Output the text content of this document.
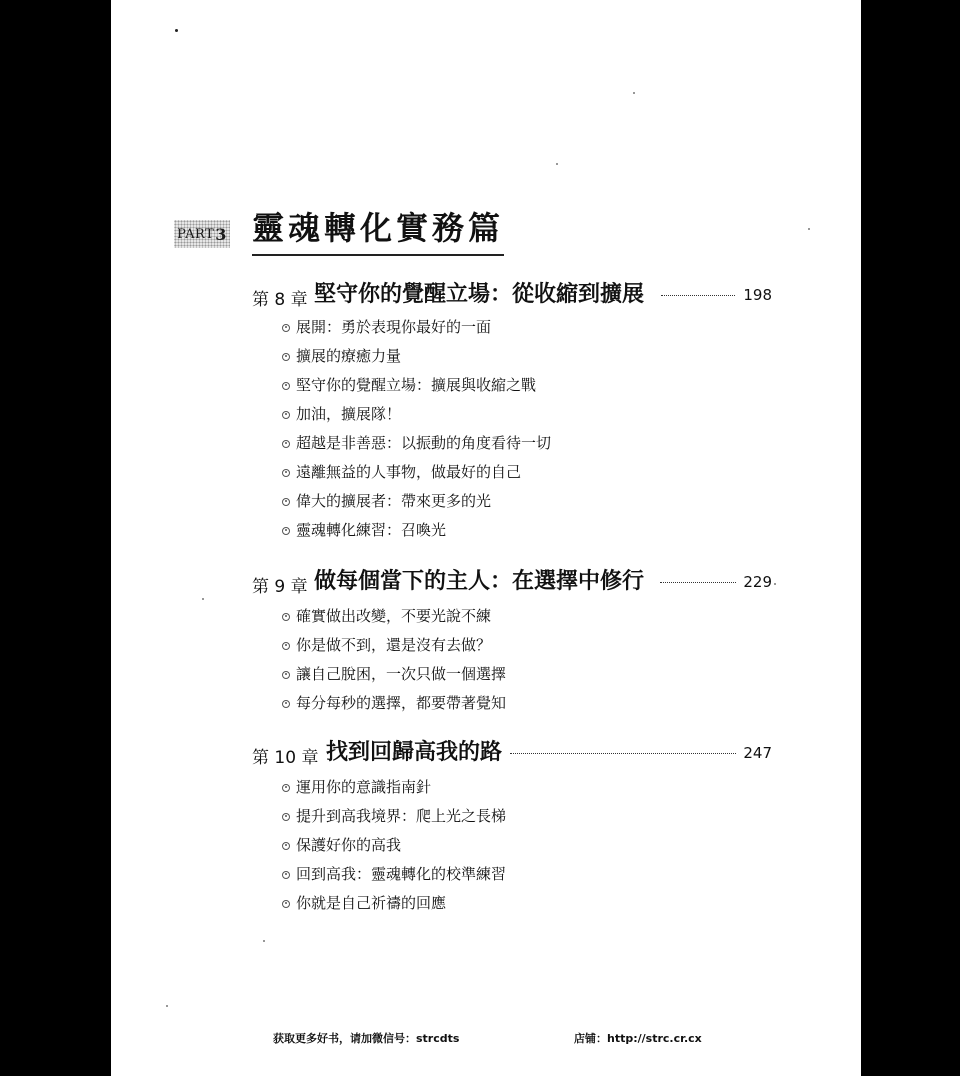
PART 3 靈魂轉化實務篇
第 8 章 堅守你的覺醒立場：從收縮到擴展	198
展開：勇於表現你最好的一面
擴展的療癒力量
堅守你的覺醒立場：擴展與收縮之戰
加油，擴展隊！
超越是非善惡：以振動的角度看待一切
遠離無益的人事物，做最好的自己
偉大的擴展者：帶來更多的光
靈魂轉化練習：召喚光
第 9 章 做每個當下的主人：在選擇中修行	229
確實做出改變，不要光說不練
你是做不到，還是沒有去做？
讓自己脫困，一次只做一個選擇
每分每秒的選擇，都要帶著覺知
第 10 章 找到回歸高我的路	247
運用你的意識指南針
提升到高我境界：爬上光之長梯
保護好你的高我
回到高我：靈魂轉化的校準練習
你就是自己祈禱的回應
获取更多好书，请加微信号：strcdts	店铺：http://strc.cr.cx
